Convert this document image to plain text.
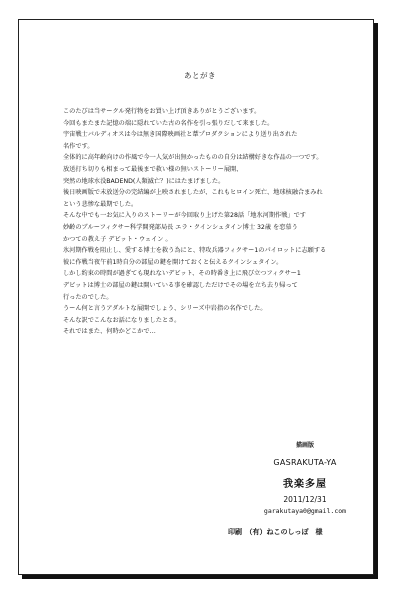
あとがき

このたびは当サークル発行物をお買い上げ頂きありがとうございます。

今回もまたまた記憶の端に隠れていた古の名作を引っ張りだして来ました。

宇宙戦士バルディオスは今は無き国際映画社と葦プロダクションにより送り出された

名作です。

全体的に高年齢向けの作風で今一人気が出無かったものの自分は結構好きな作品の一つです。

放送打ち切りも相まって最後まで救い様の無いストーリー展開、

突然の地球水没BADEND(人類滅亡？)にはたまげました。

後日映画版で未放送分の完結編が上映されましたが、これもヒロイン死亡、地球核融合まみれ

という悲惨な最期でした。

そんな中でも一お気に入りのストーリーが今回取り上げた第28話「地氷河期作戦」です

妙齢のブルーフィクサー科学開発部局長 エラ・クインシュタイン博士 32歳 を恋慕う

かつての教え子 デビット・ウェイン 。

氷河期作戦を阻止し、愛する博士を救う為にと、特攻兵器フィクサー1のパイロットに志願する

彼に作戦当夜午前1時自分の部屋の鍵を開けておくと伝えるクインシュタイン。

しかし約束の時間が過ぎても現れないデビット、その時番き上に飛び立つフィクサー1

デビットは博士の部屋の鍵は開いている事を確認しただけでその場を立ち去り帰って

行ったのでした。

うーん何と言うアダルトな展開でしょう、シリーズ中岩指の名作でした。

そんな訳でこんなお話になりましたとさ。

それではまた、何時かどこかで…

描画版
GASRAKUTA-YA
我楽多屋
2011/12/31
garakutaya0@gmail.com
印刷　（有）ねこのしっぽ　様
